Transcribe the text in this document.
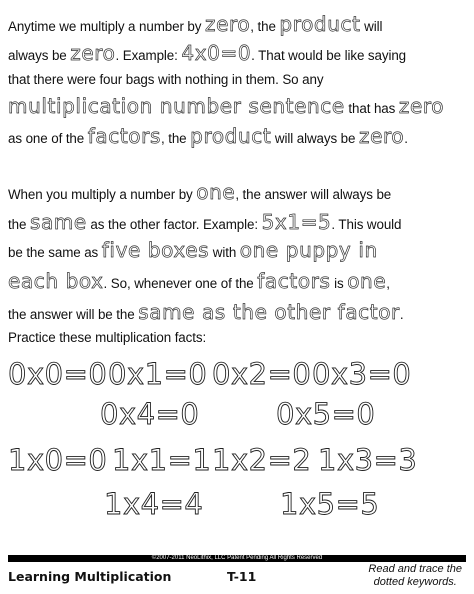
Anytime we multiply a number by zero, the product will
always be zero. Example: 4x0=0. That would be like saying
that there were four bags with nothing in them. So any
multiplication number sentence that has zero
as one of the factors, the product will always be zero.
When you multiply a number by one, the answer will always be
the same as the other factor. Example: 5x1=5. This would
be the same as five boxes with one puppy in
each box. So, whenever one of the factors is one,
the answer will be the same as the other factor.
Practice these multiplication facts:
0x0=0 0x1=0 0x2=0 0x3=0
0x4=0	0x5=0
1x0=0 1x1=1 1x2=2 1x3=3
1x4=4	1x5=5
©2007-2011 NeoLithix, LLC Patent Pending All Rights Reserved
Learning Multiplication	T-11	Read and trace the
dotted keywords.
